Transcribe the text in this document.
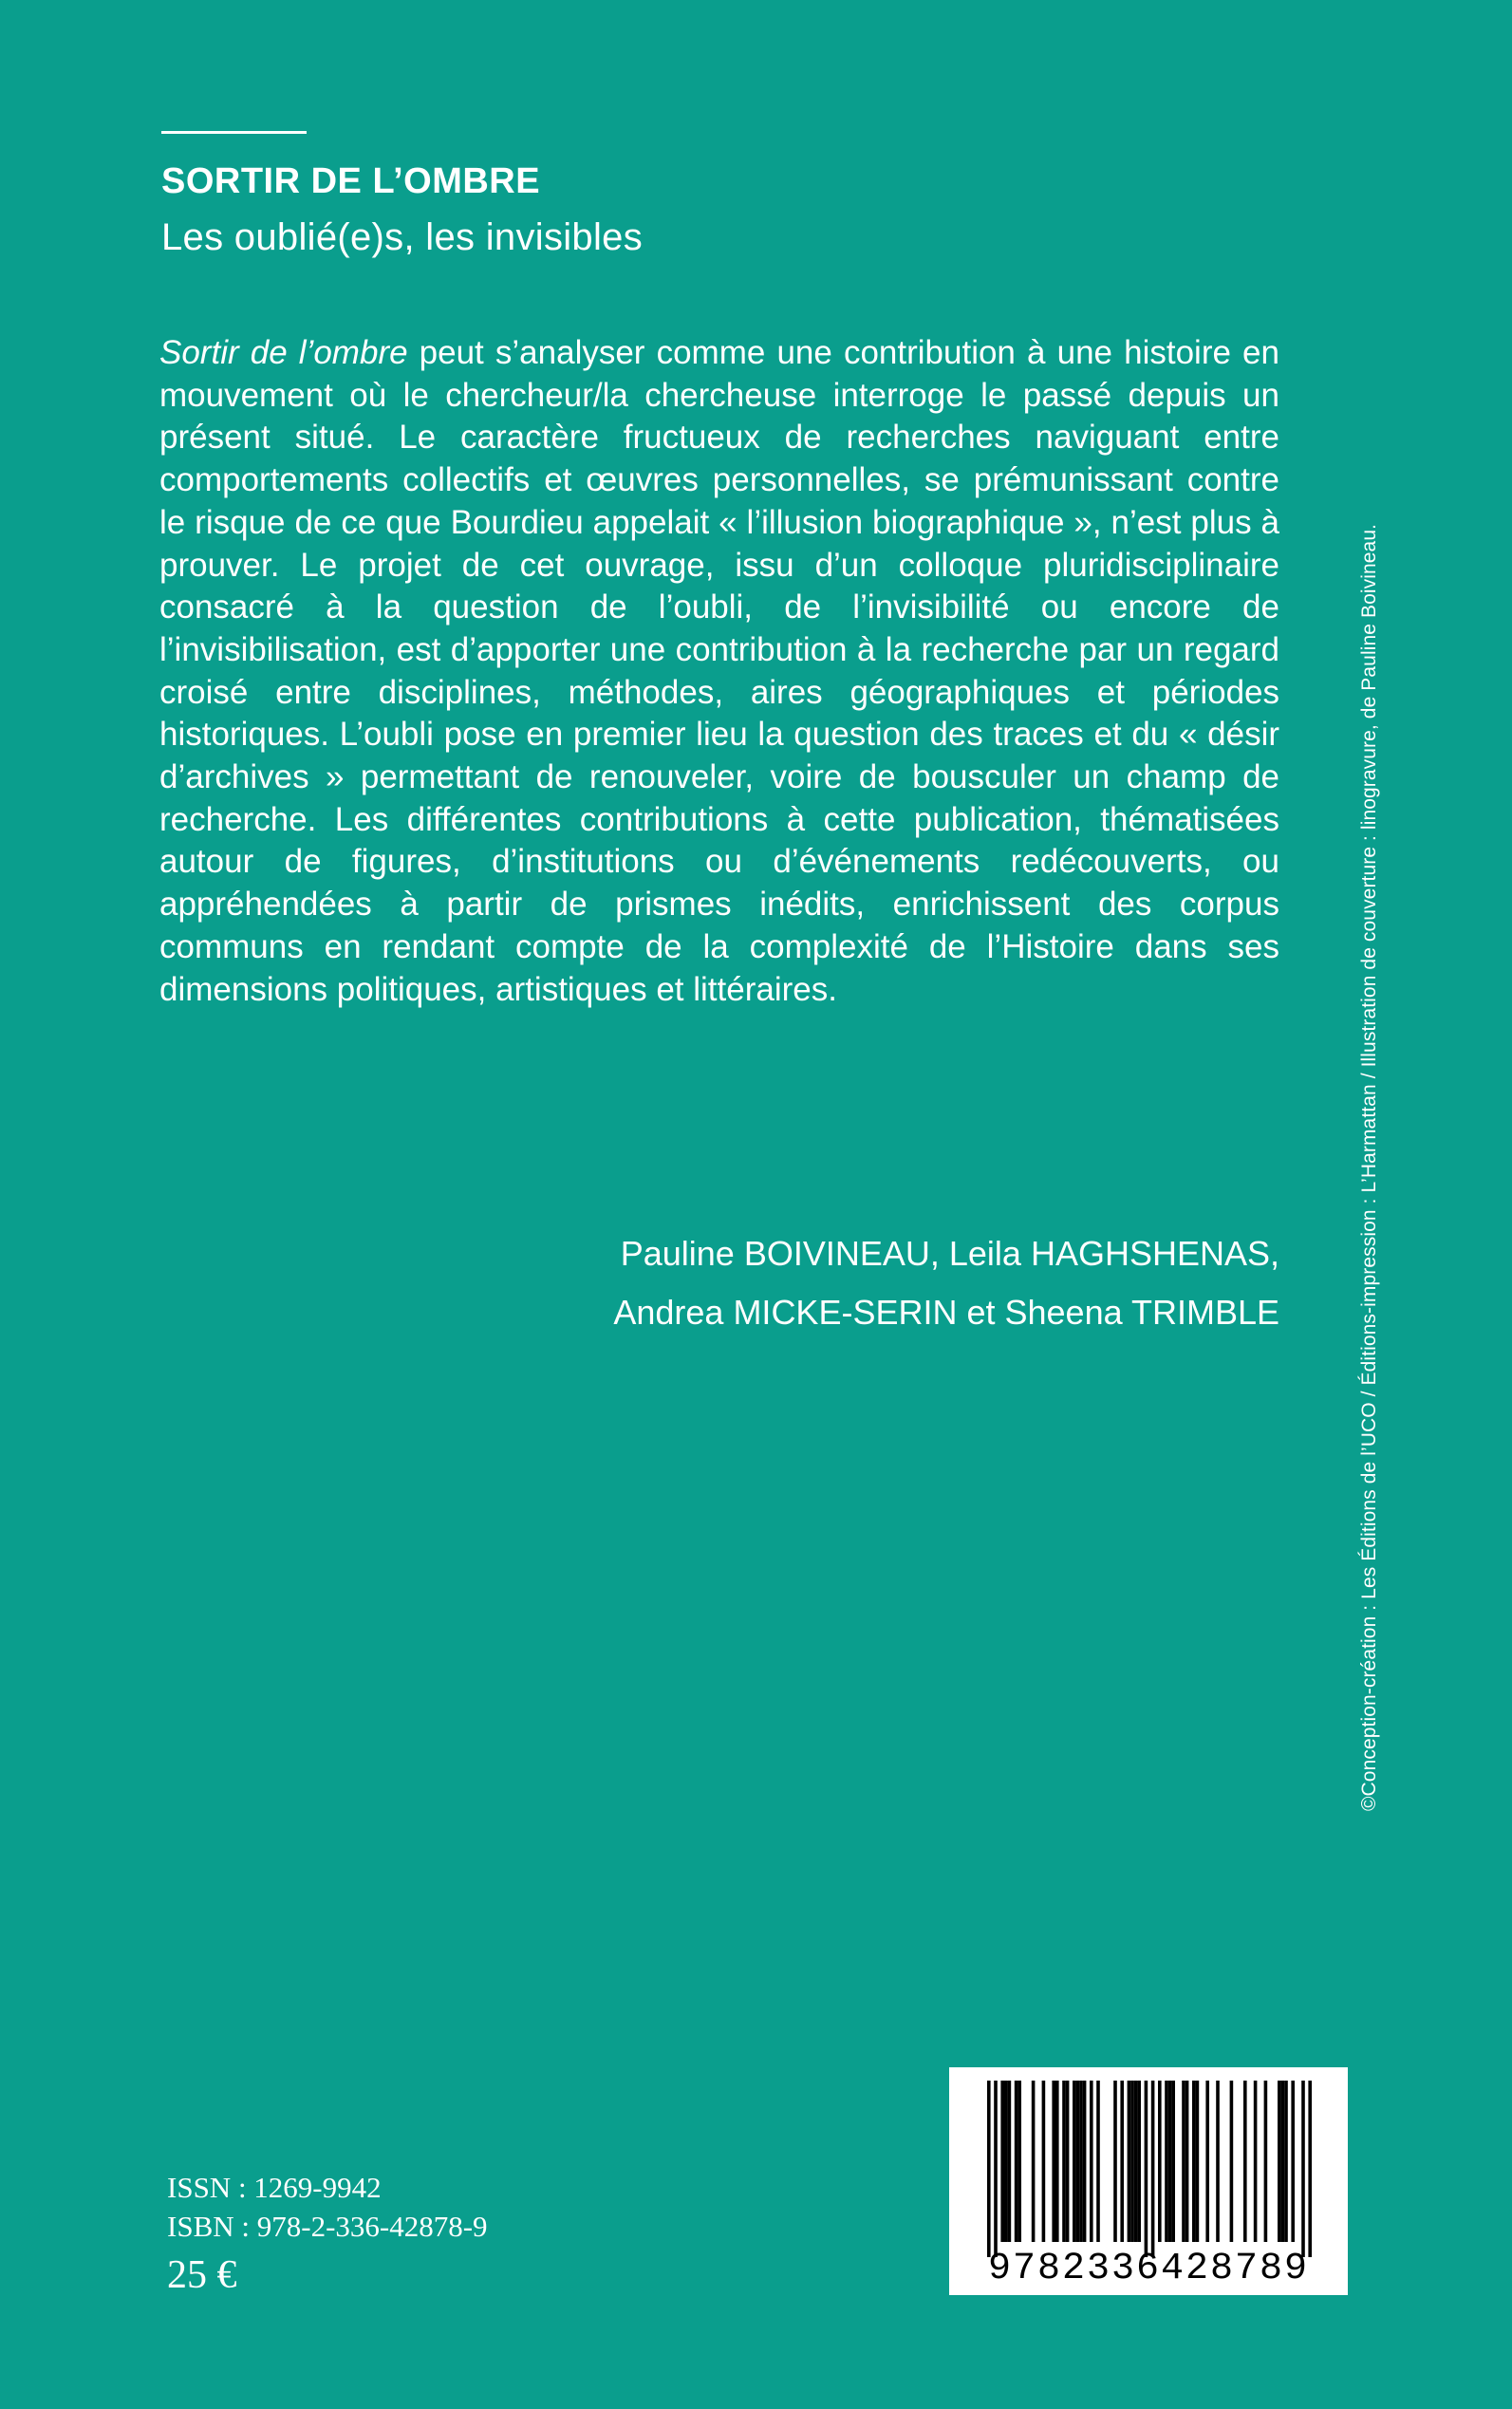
SORTIR DE L’OMBRE
Les oublié(e)s, les invisibles

Sortir de l’ombre peut s’analyser comme une contribution à une histoire en mouvement où le chercheur/la chercheuse interroge le passé depuis un présent situé. Le caractère fructueux de recherches naviguant entre comportements collectifs et œuvres personnelles, se prémunissant contre le risque de ce que Bourdieu appelait « l’illusion biographique », n’est plus à prouver. Le projet de cet ouvrage, issu d’un colloque pluridisciplinaire consacré à la question de l’oubli, de l’invisibilité ou encore de l’invisibilisation, est d’apporter une contribution à la recherche par un regard croisé entre disciplines, méthodes, aires géographiques et périodes historiques. L’oubli pose en premier lieu la question des traces et du « désir d’archives » permettant de renouveler, voire de bousculer un champ de recherche. Les différentes contributions à cette publication, thématisées autour de figures, d’institutions ou d’événements redécouverts, ou appréhendées à partir de prismes inédits, enrichissent des corpus communs en rendant compte de la complexité de l’Histoire dans ses dimensions politiques, artistiques et littéraires.

Pauline BOIVINEAU, Leila HAGHSHENAS,
Andrea MICKE-SERIN et Sheena TRIMBLE	©Conception-création : Les Éditions de l’UCO / Éditions-impression : L’Harmattan / Illustration de couverture : linogravure, de Pauline Boivineau.
ISSN : 1269-9942
ISBN : 978-2-336-42878-9
25 €	9782336428789
